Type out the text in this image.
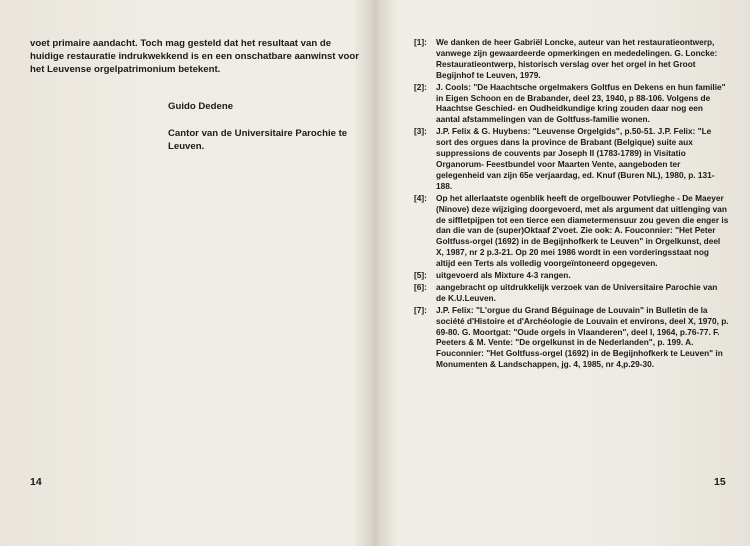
voet primaire aandacht. Toch mag gesteld dat het resultaat van de huidige restauratie indrukwekkend is en een onschatbare aanwinst voor het Leuvense orgelpatrimonium betekent.

Guido Dedene

Cantor van de Universitaire Parochie te Leuven.

14

[1]:	We danken de heer Gabriël Loncke, auteur van het restauratieontwerp, vanwege zijn gewaardeerde opmerkingen en mededelingen. G. Loncke: Restauratieontwerp, historisch verslag over het orgel in het Groot Begijnhof te Leuven, 1979.
[2]:	J. Cools: "De Haachtsche orgelmakers Goltfus en Dekens en hun familie" in Eigen Schoon en de Brabander, deel 23, 1940, p 88-106. Volgens de Haachtse Geschied- en Oudheidkundige kring zouden daar nog een aantal afstammelingen van de Goltfuss-familie wonen.
[3]:	J.P. Felix & G. Huybens: "Leuvense Orgelgids", p.50-51. J.P. Felix: "Le sort des orgues dans la province de Brabant (Belgique) suite aux suppressions de couvents par Joseph II (1783-1789) in Visitatio Organorum- Feestbundel voor Maarten Vente, aangeboden ter gelegenheid van zijn 65e verjaardag, ed. Knuf (Buren NL), 1980, p. 131-188.
[4]:	Op het allerlaatste ogenblik heeft de orgelbouwer Potvlieghe - De Maeyer (Ninove) deze wijziging doorgevoerd, met als argument dat uitlenging van de siffletpijpen tot een tierce een diametermensuur zou geven die enger is dan die van de (super)Oktaaf 2'voet. Zie ook: A. Fouconnier: "Het Peter Goltfuss-orgel (1692) in de Begijnhofkerk te Leuven" in Orgelkunst, deel X, 1987, nr 2 p.3-21. Op 20 mei 1986 wordt in een vorderingsstaat nog altijd een Terts als volledig voorgeïntoneerd opgegeven.
[5]:	uitgevoerd als Mixture 4-3 rangen.
[6]:	aangebracht op uitdrukkelijk verzoek van de Universitaire Parochie van de K.U.Leuven.
[7]:	J.P. Felix: "L'orgue du Grand Béguinage de Louvain" in Bulletin de la société d'Histoire et d'Archéologie de Louvain et environs, deel X, 1970, p. 69-80. G. Moortgat: "Oude orgels in Vlaanderen", deel I, 1964, p.76-77. F. Peeters & M. Vente: "De orgelkunst in de Nederlanden", p. 199. A. Fouconnier: "Het Goltfuss-orgel (1692) in de Begijnhofkerk te Leuven" in Monumenten & Landschappen, jg. 4, 1985, nr 4,p.29-30.

15
